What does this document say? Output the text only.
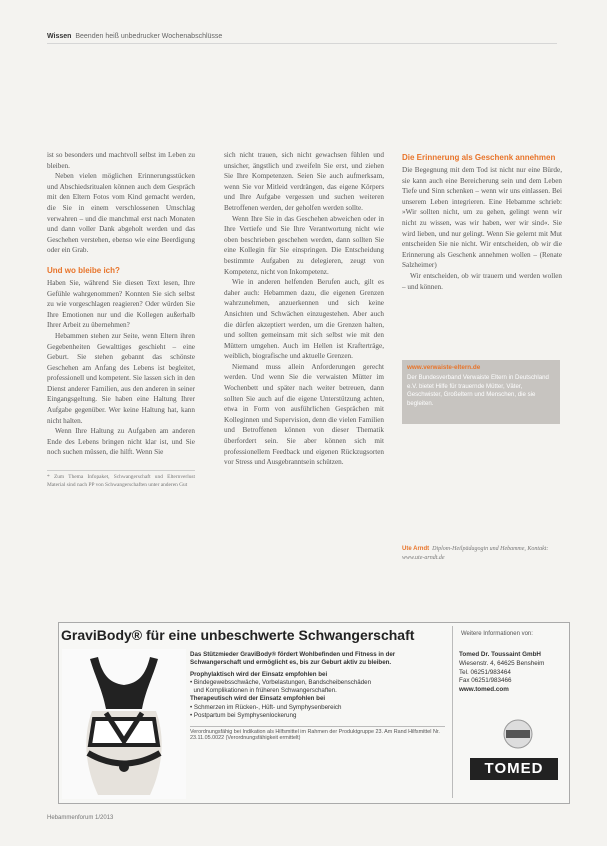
Wissen Beenden heiß unbedrucker Wochenabschlüsse

ist so besonders und machtvoll selbst im Leben zu bleiben.

Neben vielen möglichen Erinnerungsstücken und Abschiedsritualen können auch dem Gespräch mit den Eltern Fotos vom Kind gemacht werden, die Sie in einem verschlossenen Umschlag verwahren – und die manchmal erst nach Monaten und dann voller Dank abgeholt werden und das Geschehen verstehen, ebenso wie eine Beerdigung oder ein Grab.

Und wo bleibe ich?

Haben Sie, während Sie diesen Text lesen, Ihre Gefühle wahrgenommen? Konnten Sie sich selbst zu wie vorgeschlagen reagieren? Oder würden Sie Ihre Emotionen nur und die Kollegen außerhalb Ihrer Arbeit zu übernehmen?

Hebammen stehen zur Seite, wenn Eltern ihren Gegebenheiten Gewalttiges geschieht – eine Geburt. Sie stehen gebannt das schönste Geschehen am Anfang des Lebens ist begleitet, professionell und kompetent. Sie lassen sich in den Dienst anderer Familien, aus den anderen in seiner Eingangsgeltung. Sie haben eine Haltung Ihrer Aufgabe gegenüber. Wer keine Haltung hat, kann nicht halten.

Wenn Ihre Haltung zu Aufgaben am anderen Ende des Lebens bringen nicht klar ist, und Sie noch suchen müssen, die hilft. Wenn Sie

* Zum Thema Infopaket, Schwangerschaft und Elternverlust Material sind nach PP von Schwangerschaften unter anderen Gut

sich nicht trauen, sich nicht gewachsen fühlen und unsicher, ängstlich und zweifeln Sie erst, und ziehen Sie Ihre Kompetenzen. Seien Sie auch aufmerksam, wenn Sie vor Mitleid verdrängen, das eigene Körpers und Ihre Aufgabe vergessen und suchen weiteren Betroffenen werden, der geholfen werden sollte.

Wenn Ihre Sie in das Geschehen abweichen oder in Ihre Vertiefe und Sie Ihre Verantwortung nicht wie oben beschrieben geschehen werden, dann sollten Sie eine Kollegin für Sie einspringen. Die Entscheidung bestimmte Aufgaben zu delegieren, zeugt von Kompetenz, nicht von Inkompetenz.

Wie in anderen helfenden Berufen auch, gilt es daher auch: Hebammen dazu, die eigenen Grenzen wahrzunehmen, anzuerkennen und sich keine Ansichten und Schwächen einzugestehen. Aber auch die dürfen akzeptiert werden, um die Grenzen halten, und sollten gemeinsam mit sich selbst wie mit den Müttern umgehen. Auch im Hellen ist Krafterträge, weiblich, biografische und aktuelle Grenzen.

Niemand muss allein Anforderungen gerecht werden. Und wenn Sie die verwaisten Mütter im Wochenbett und später nach weiter betreuen, dann sollten Sie auch auf die eigene Unterstützung achten, etwa in Form von ausführlichen Gesprächen mit Kolleginnen und Supervision, denn die vielen Familien und Betroffenen können von dieser Thematik überfordert sein. Sie aber können sich mit professionellem Feedback und eigenen Rückzugsorten vor Stress und Ausgebranntsein schützen.

Die Erinnerung als Geschenk annehmen

Die Begegnung mit dem Tod ist nicht nur eine Bürde, sie kann auch eine Bereicherung sein und dem Leben Tiefe und Sinn schenken – wenn wir uns einlassen. Bei unserem Leben integrieren. Eine Hebamme schrieb: »Wir sollten nicht, um zu gehen, gelingt wenn wir nicht zu wissen, was wir haben, wer wir sind«. Sie wird lieben, und nur gelingt. Wenn Sie gelernt mit Mut entscheiden Sie nie nicht. Wir entscheiden, ob wir die Erinnerung als Geschenk annehmen wollen – (Renate Salzheimer)

Wir entscheiden, ob wir trauern und werden wollen – und können.

www.verwaiste-eltern.de
Der Bundesverband Verwaiste Eltern in Deutschland e.V. bietet Hilfe für trauernde Mütter, Väter, Geschwister, Großeltern und Menschen, die sie begleiten.
Ute Arndt Diplom-Heilpädagogin und Hebamme, Kontakt: www.ute-arndt.de
GraviBody® für eine unbeschwerte Schwangerschaft	Weitere Informationen von:
Das Stützmieder GraviBody® fördert Wohlbefinden und Fitness in der Schwangerschaft und ermöglicht es, bis zur Geburt aktiv zu bleiben.
Prophylaktisch wird der Einsatz empfohlen bei
• Bindegewebsschwäche, Vorbelastungen, Bandscheibenschäden
und Komplikationen in früheren Schwangerschaften.
Therapeutisch wird der Einsatz empfohlen bei
• Schmerzen im Rücken-, Hüft- und Symphysenbereich
• Postpartum bei Symphysenlockerung
Verordnungsfähig bei Indikation als Hilfsmittel im Rahmen der Produktgruppe 23. Am Rand Hilfsmittel Nr. 23.11.05.0022 (Verordnungsfähigkeit ermittelt)
Tomed Dr. Toussaint GmbH
Wiesenstr. 4, 64625 Bensheim
Tel. 06251/983464
Fax 06251/983466
www.tomed.com
TOMED
Hebammenforum 1/2013
